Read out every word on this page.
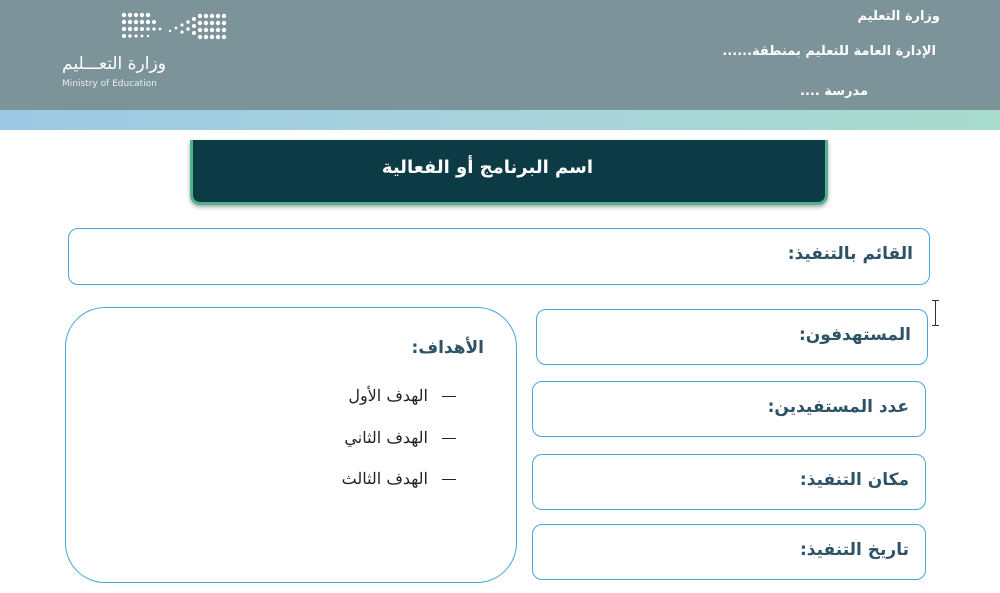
وزارة التعـــليم
Ministry of Education
وزارة التعليم
الإدارة العامة للتعليم بمنطقة......
مدرسة ....
اسم البرنامج أو الفعالية
القائم بالتنفيذ:
المستهدفون:
عدد المستفيدين:
مكان التنفيذ:
تاريخ التنفيذ:
الأهداف:
الهدف الأول
الهدف الثاني
الهدف الثالث
